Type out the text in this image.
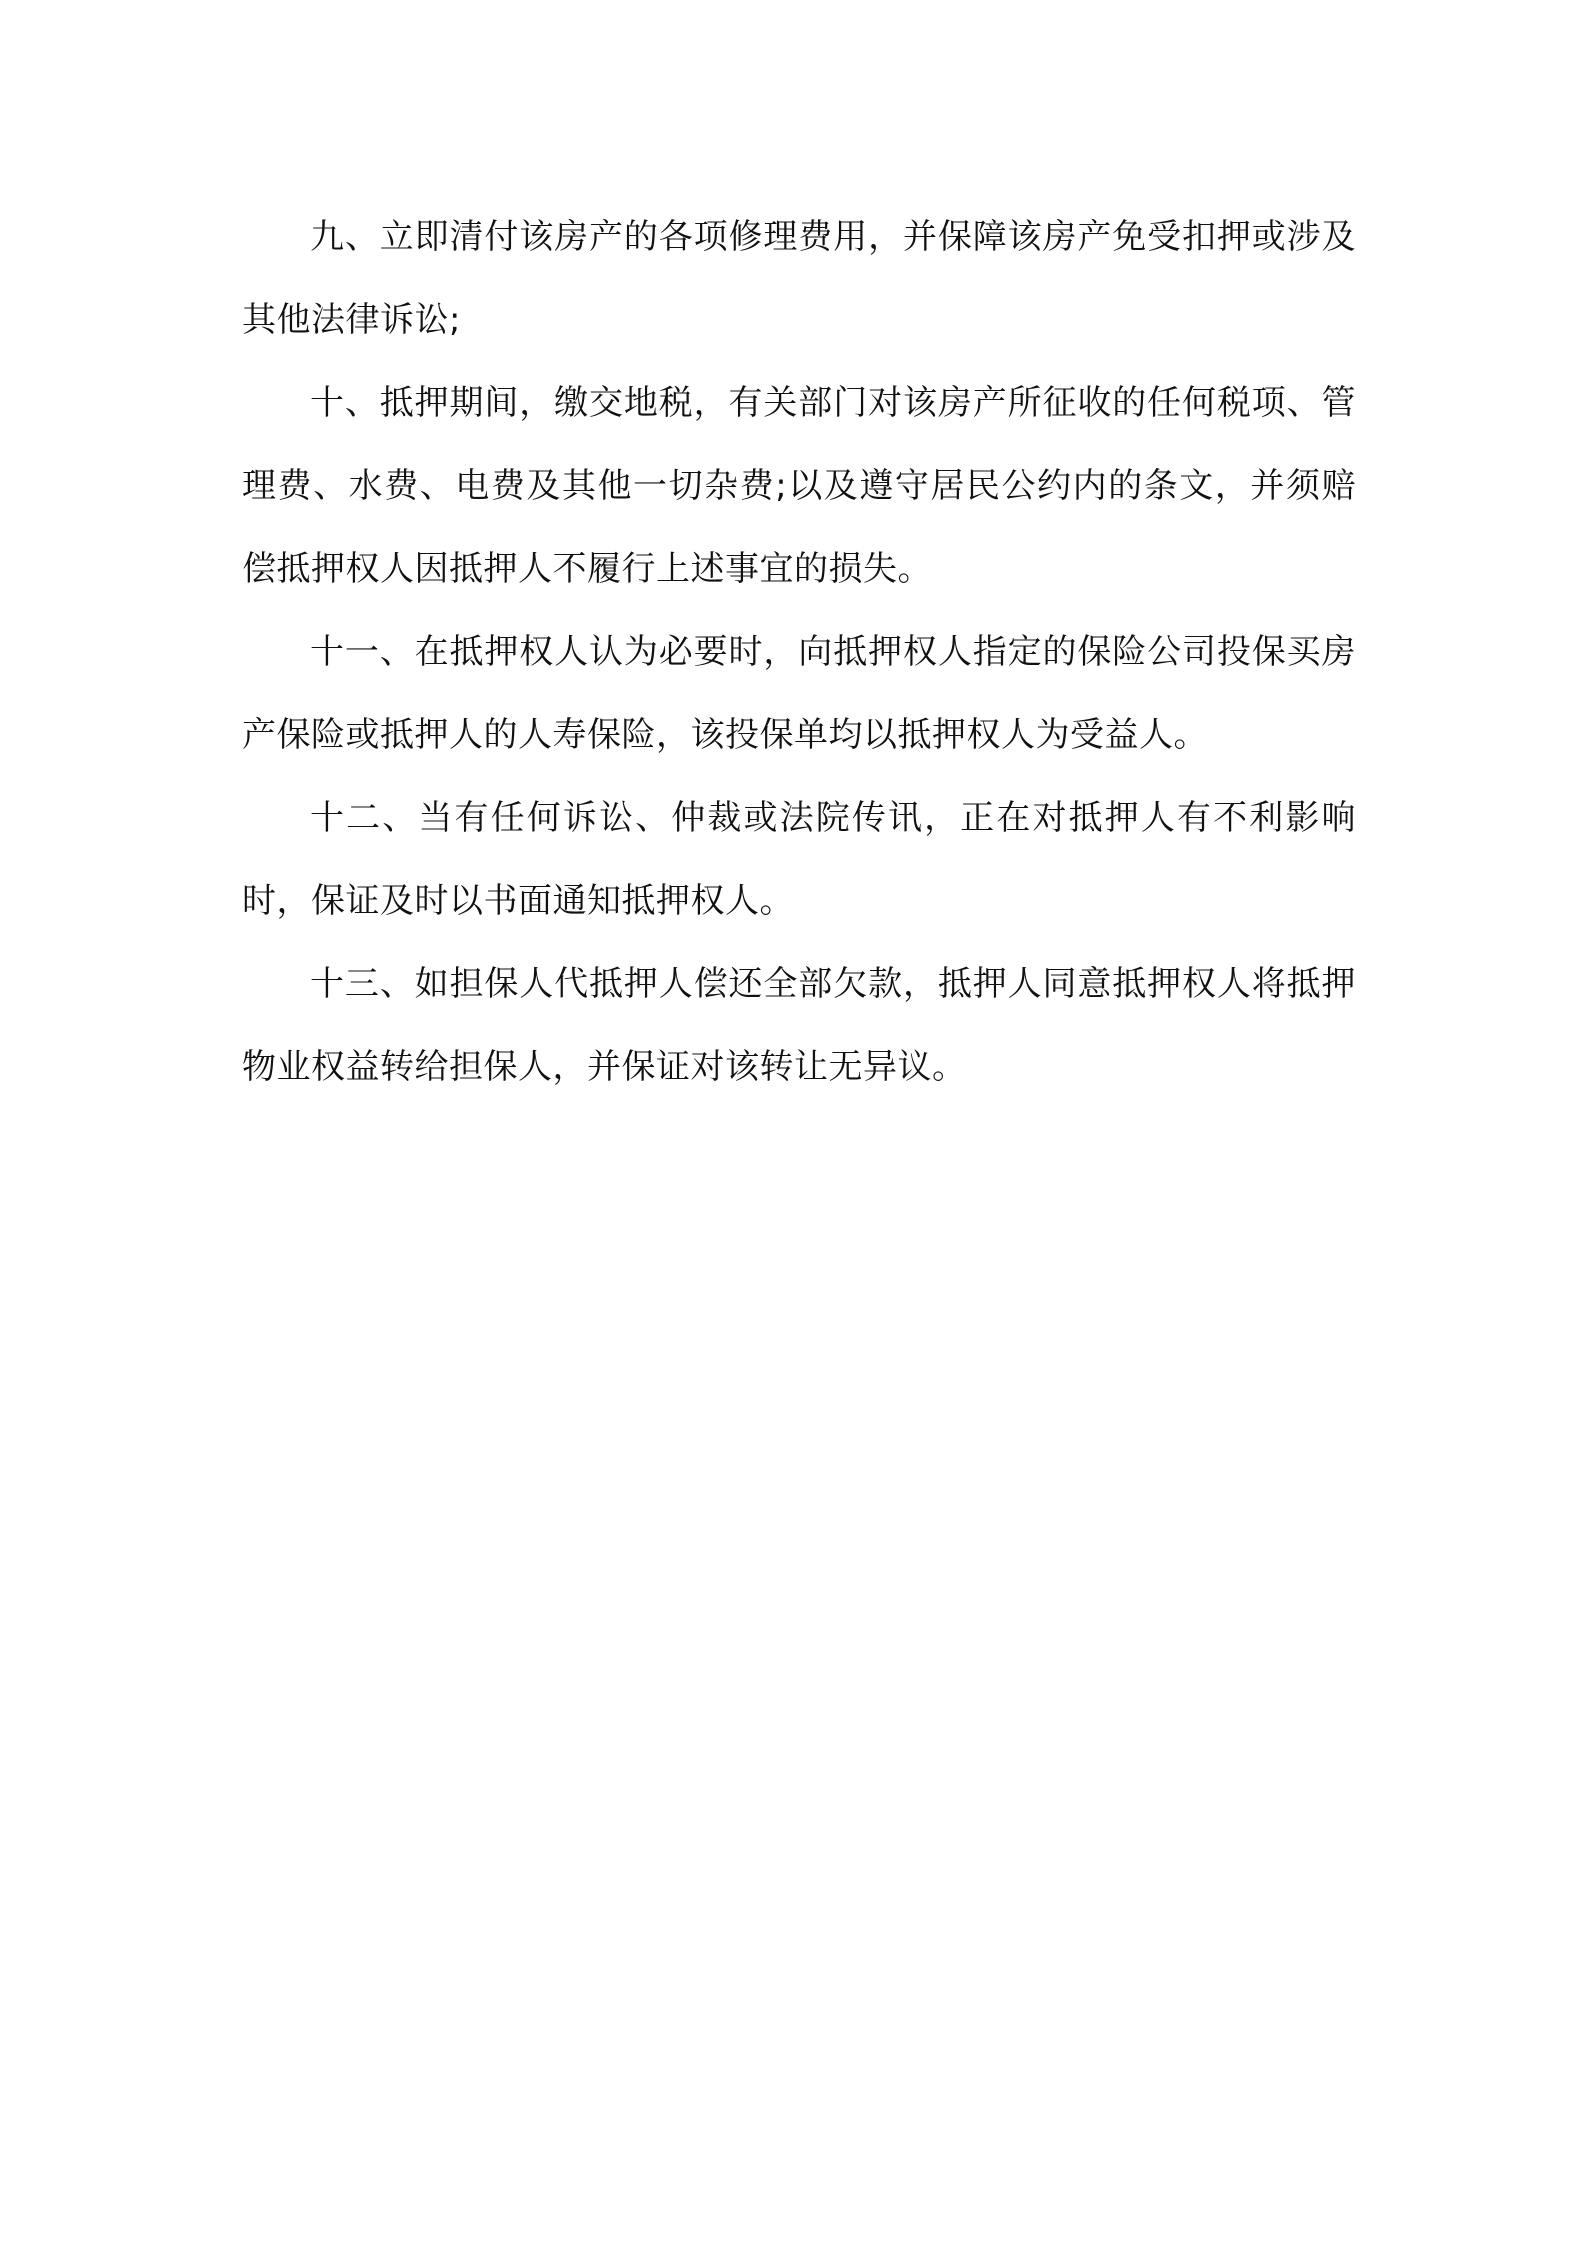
九、立即清付该房产的各项修理费用，并保障该房产免受扣押或涉及其他法律诉讼;

十、抵押期间，缴交地税，有关部门对该房产所征收的任何税项、管理费、水费、电费及其他一切杂费;以及遵守居民公约内的条文，并须赔偿抵押权人因抵押人不履行上述事宜的损失。

十一、在抵押权人认为必要时，向抵押权人指定的保险公司投保买房产保险或抵押人的人寿保险，该投保单均以抵押权人为受益人。

十二、当有任何诉讼、仲裁或法院传讯，正在对抵押人有不利影响时，保证及时以书面通知抵押权人。

十三、如担保人代抵押人偿还全部欠款，抵押人同意抵押权人将抵押物业权益转给担保人，并保证对该转让无异议。
